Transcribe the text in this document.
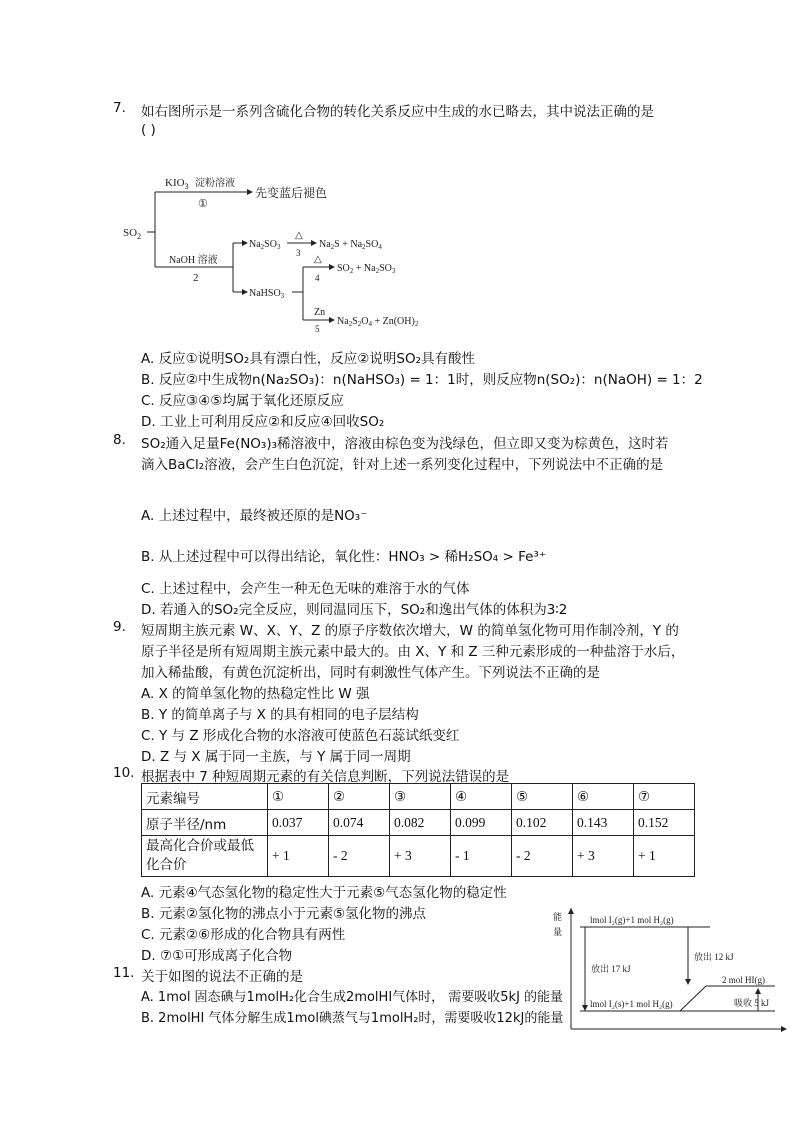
7. 如右图所示是一系列含硫化合物的转化关系反应中生成的水已略去，其中说法正确的是
( )
$SO_2$
$KIO_3$ 淀粉溶液
①
先变蓝后褪色
NaOH 溶液
2
$Na_2SO_3$
△
3
$Na_2S + Na_2SO_4$
NaHSO$_3$
△
4
$SO_2 + Na_2SO_3$
Zn
5
$Na_2S_2O_4 + Zn(OH)_2$
A. 反应①说明SO₂具有漂白性，反应②说明SO₂具有酸性
B. 反应②中生成物n(Na₂SO₃)：n(NaHSO₃) = 1：1时，则反应物n(SO₂)：n(NaOH) = 1：2
C. 反应③④⑤均属于氧化还原反应
D. 工业上可利用反应②和反应④回收SO₂
8. SO₂通入足量Fe(NO₃)₃稀溶液中，溶液由棕色变为浅绿色，但立即又变为棕黄色，这时若
滴入BaCl₂溶液，会产生白色沉淀，针对上述一系列变化过程中，下列说法中不正确的是
A. 上述过程中，最终被还原的是NO₃⁻
B. 从上述过程中可以得出结论，氧化性：HNO₃ > 稀H₂SO₄ > Fe³⁺
C. 上述过程中，会产生一种无色无味的难溶于水的气体
D. 若通入的SO₂完全反应，则同温同压下，SO₂和逸出气体的体积为3∶2
9. 短周期主族元素 W、X、Y、Z 的原子序数依次增大，W 的简单氢化物可用作制冷剂，Y 的
原子半径是所有短周期主族元素中最大的。由 X、Y 和 Z 三种元素形成的一种盐溶于水后，
加入稀盐酸，有黄色沉淀析出，同时有刺激性气体产生。下列说法不正确的是
A. X 的简单氢化物的热稳定性比 W 强
B. Y 的简单离子与 X 的具有相同的电子层结构
C. Y 与 Z 形成化合物的水溶液可使蓝色石蕊试纸变红
D. Z 与 X 属于同一主族，与 Y 属于同一周期
10. 根据表中 7 种短周期元素的有关信息判断，下列说法错误的是
元素编号	①	②	③	④	⑤	⑥	⑦
原子半径/nm	0.037	0.074	0.082	0.099	0.102	0.143	0.152
最高化合价或最低
化合价	+ 1	- 2	+ 3	- 1	- 2	+ 3	+ 1
A. 元素④气态氢化物的稳定性大于元素⑤气态氢化物的稳定性
B. 元素②氢化物的沸点小于元素⑤氢化物的沸点
C. 元素②⑥形成的化合物具有两性
D. ⑦①可形成离子化合物
11. 关于如图的说法不正确的是
A. 1mol 固态碘与1molH₂化合生成2molHI气体时， 需要吸收5kJ 的能量
B. 2molHI 气体分解生成1mol碘蒸气与1molH₂时，需要吸收12kJ的能量
能
量
lmol I₂(g)+1 mol H₂(g)
放出 17 kJ
放出 12 kJ
2 mol HI(g)
lmol I₂(s)+1 mol H₂(g)	吸收 5 kJ
